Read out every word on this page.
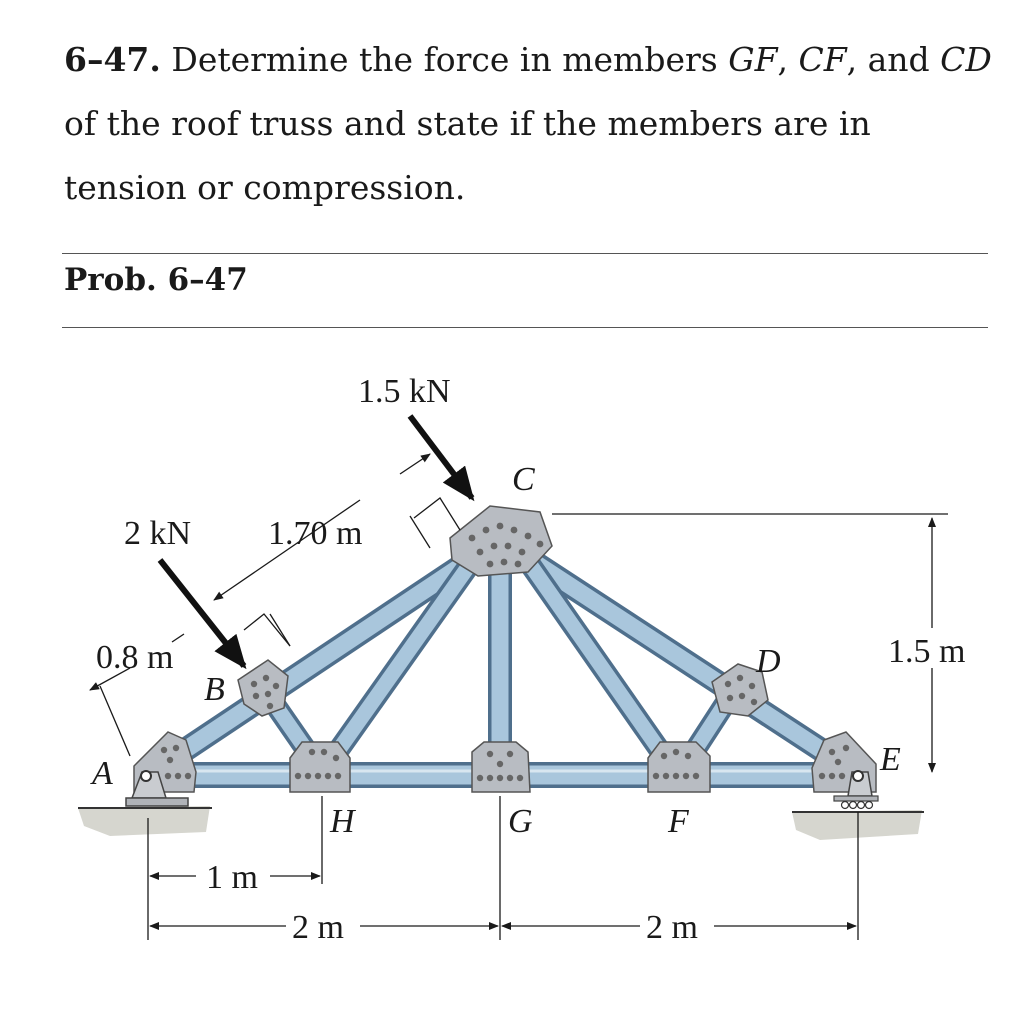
6–47. Determine the force in members GF, CF, and CD of the roof truss and state if the members are in tension or compression.
Prob. 6–47
1.5 kN
2 kN 1.70 m
0.8 m	1.5 m
1 m
2 m	2 m
C
B
A
D
E
H	G	F
